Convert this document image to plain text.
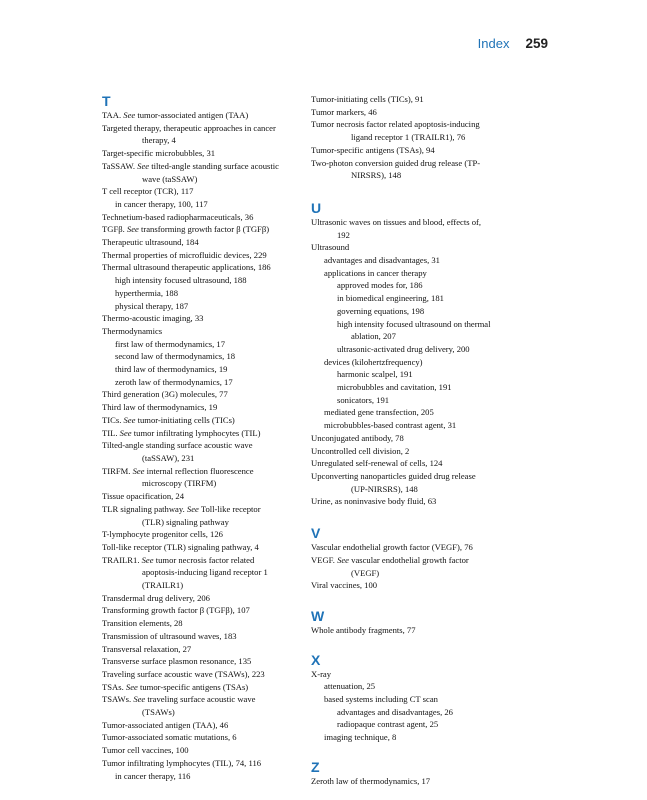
Index 259
T
TAA. See tumor-associated antigen (TAA)
Targeted therapy, therapeutic approaches in cancer
therapy, 4
Target-specific microbubbles, 31
TaSSAW. See tilted-angle standing surface acoustic
wave (taSSAW)
T cell receptor (TCR), 117
in cancer therapy, 100, 117
Technetium-based radiopharmaceuticals, 36
TGFβ. See transforming growth factor β (TGFβ)
Therapeutic ultrasound, 184
Thermal properties of microfluidic devices, 229
Thermal ultrasound therapeutic applications, 186
high intensity focused ultrasound, 188
hyperthermia, 188
physical therapy, 187
Thermo-acoustic imaging, 33
Thermodynamics
first law of thermodynamics, 17
second law of thermodynamics, 18
third law of thermodynamics, 19
zeroth law of thermodynamics, 17
Third generation (3G) molecules, 77
Third law of thermodynamics, 19
TICs. See tumor-initiating cells (TICs)
TIL. See tumor infiltrating lymphocytes (TIL)
Tilted-angle standing surface acoustic wave
(taSSAW), 231
TIRFM. See internal reflection fluorescence
microscopy (TIRFM)
Tissue opacification, 24
TLR signaling pathway. See Toll-like receptor
(TLR) signaling pathway
T-lymphocyte progenitor cells, 126
Toll-like receptor (TLR) signaling pathway, 4
TRAILR1. See tumor necrosis factor related
apoptosis-inducing ligand receptor 1
(TRAILR1)
Transdermal drug delivery, 206
Transforming growth factor β (TGFβ), 107
Transition elements, 28
Transmission of ultrasound waves, 183
Transversal relaxation, 27
Transverse surface plasmon resonance, 135
Traveling surface acoustic wave (TSAWs), 223
TSAs. See tumor-specific antigens (TSAs)
TSAWs. See traveling surface acoustic wave
(TSAWs)
Tumor-associated antigen (TAA), 46
Tumor-associated somatic mutations, 6
Tumor cell vaccines, 100
Tumor infiltrating lymphocytes (TIL), 74, 116
in cancer therapy, 116
Tumor-initiating cells (TICs), 91
Tumor markers, 46
Tumor necrosis factor related apoptosis-inducing
ligand receptor 1 (TRAILR1), 76
Tumor-specific antigens (TSAs), 94
Two-photon conversion guided drug release (TP-
NIRSRS), 148
U
Ultrasonic waves on tissues and blood, effects of,
192
Ultrasound
advantages and disadvantages, 31
applications in cancer therapy
approved modes for, 186
in biomedical engineering, 181
governing equations, 198
high intensity focused ultrasound on thermal
ablation, 207
ultrasonic-activated drug delivery, 200
devices (kilohertzfrequency)
harmonic scalpel, 191
microbubbles and cavitation, 191
sonicators, 191
mediated gene transfection, 205
microbubbles-based contrast agent, 31
Unconjugated antibody, 78
Uncontrolled cell division, 2
Unregulated self-renewal of cells, 124
Upconverting nanoparticles guided drug release
(UP-NIRSRS), 148
Urine, as noninvasive body fluid, 63
V
Vascular endothelial growth factor (VEGF), 76
VEGF. See vascular endothelial growth factor
(VEGF)
Viral vaccines, 100
W
Whole antibody fragments, 77
X
X-ray
attenuation, 25
based systems including CT scan
advantages and disadvantages, 26
radiopaque contrast agent, 25
imaging technique, 8
Z
Zeroth law of thermodynamics, 17
